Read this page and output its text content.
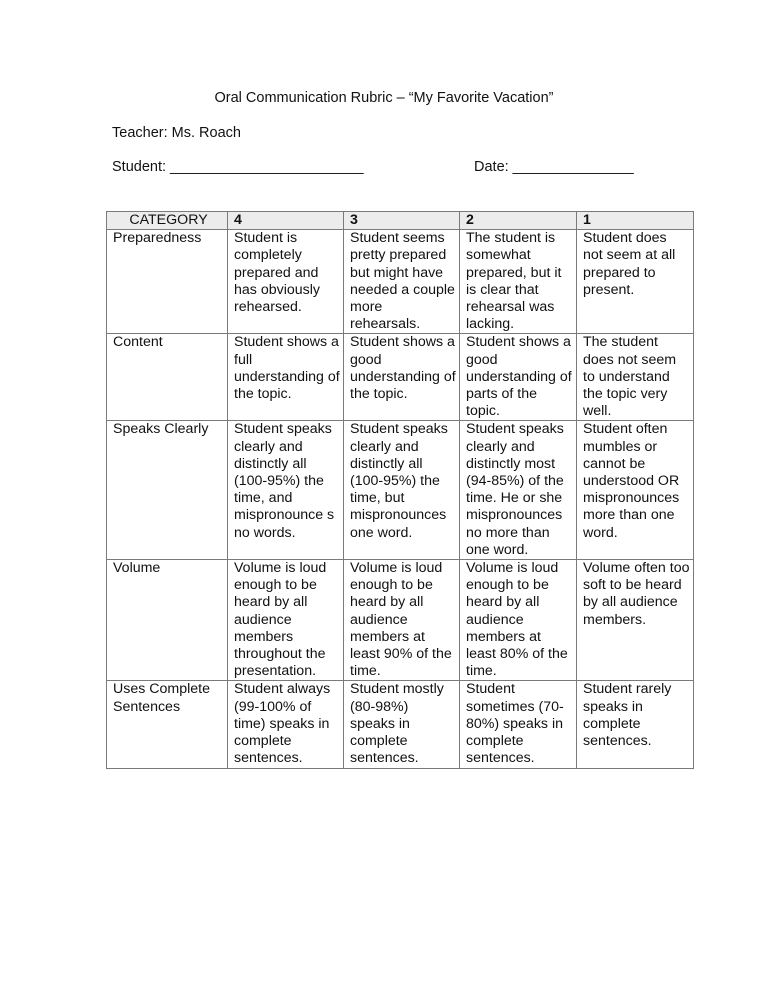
Oral Communication Rubric – “My Favorite Vacation”
Teacher: Ms. Roach
Student: ________________________	Date: _______________
CATEGORY	4	3	2	1
Preparedness	Student is completely prepared and has obviously rehearsed.	Student seems pretty prepared but might have needed a couple more rehearsals.	The student is somewhat prepared, but it is clear that rehearsal was lacking.	Student does not seem at all prepared to present.
Content	Student shows a full understanding of the topic.	Student shows a good understanding of the topic.	Student shows a good understanding of parts of the topic.	The student does not seem to understand the topic very well.
Speaks Clearly	Student speaks clearly and distinctly all (100-95%) the time, and mispronounce s no words.	Student speaks clearly and distinctly all (100-95%) the time, but mispronounces one word.	Student speaks clearly and distinctly most (94-85%) of the time. He or she mispronounces no more than one word.	Student often mumbles or cannot be understood OR mispronounces more than one word.
Volume	Volume is loud enough to be heard by all audience members throughout the presentation.	Volume is loud enough to be heard by all audience members at least 90% of the time.	Volume is loud enough to be heard by all audience members at least 80% of the time.	Volume often too soft to be heard by all audience members.
Uses Complete Sentences	Student always (99-100% of time) speaks in complete sentences.	Student mostly (80-98%) speaks in complete sentences.	Student sometimes (70-80%) speaks in complete sentences.	Student rarely speaks in complete sentences.
